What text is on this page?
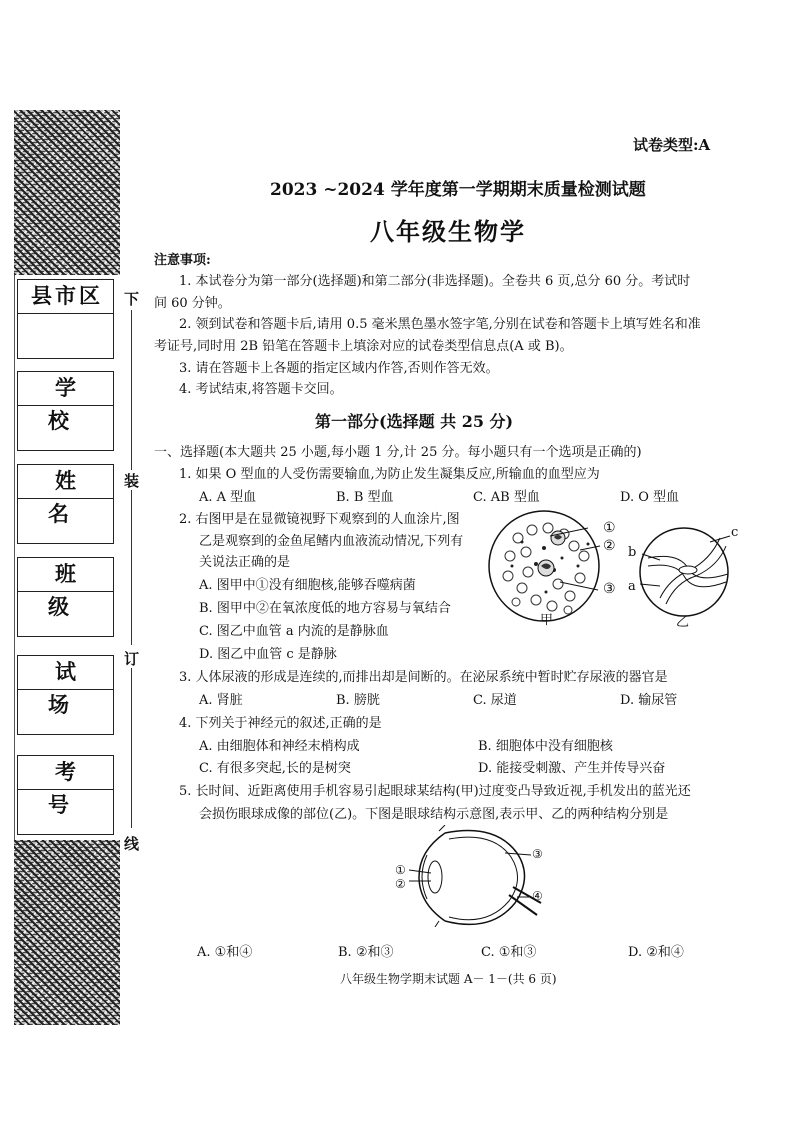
县市区
学 校
姓 名
班 级
试 场
考 号
下
装
订
线
试卷类型:A
2023 ~2024 学年度第一学期期末质量检测试题
八年级生物学
注意事项:
1. 本试卷分为第一部分(选择题)和第二部分(非选择题)。全卷共 6 页,总分 60 分。考试时
间 60 分钟。
2. 领到试卷和答题卡后,请用 0.5 毫米黑色墨水签字笔,分别在试卷和答题卡上填写姓名和准
考证号,同时用 2B 铅笔在答题卡上填涂对应的试卷类型信息点(A 或 B)。
3. 请在答题卡上各题的指定区域内作答,否则作答无效。
4. 考试结束,将答题卡交回。
第一部分(选择题 共 25 分)
一、选择题(本大题共 25 小题,每小题 1 分,计 25 分。每小题只有一个选项是正确的)
1. 如果 O 型血的人受伤需要输血,为防止发生凝集反应,所输血的血型应为
A. A 型血	B. B 型血	C. AB 型血	D. O 型血
2. 右图甲是在显微镜视野下观察到的人血涂片,图
乙是观察到的金鱼尾鳍内血液流动情况,下列有
关说法正确的是
A. 图甲中①没有细胞核,能够吞噬病菌
B. 图甲中②在氧浓度低的地方容易与氧结合
C. 图乙中血管 a 内流的是静脉血
D. 图乙中血管 c 是静脉
①
②
③
甲
c
b
a
乙
3. 人体尿液的形成是连续的,而排出却是间断的。在泌尿系统中暂时贮存尿液的器官是
A. 肾脏	B. 膀胱	C. 尿道	D. 输尿管
4. 下列关于神经元的叙述,正确的是
A. 由细胞体和神经末梢构成	B. 细胞体中没有细胞核
C. 有很多突起,长的是树突	D. 能接受刺激、产生并传导兴奋
5. 长时间、近距离使用手机容易引起眼球某结构(甲)过度变凸导致近视,手机发出的蓝光还
会损伤眼球成像的部位(乙)。下图是眼球结构示意图,表示甲、乙的两种结构分别是
①
②
③
④
A. ①和④	B. ②和③	C. ①和③	D. ②和④
八年级生物学期末试题 A－ 1－(共 6 页)
